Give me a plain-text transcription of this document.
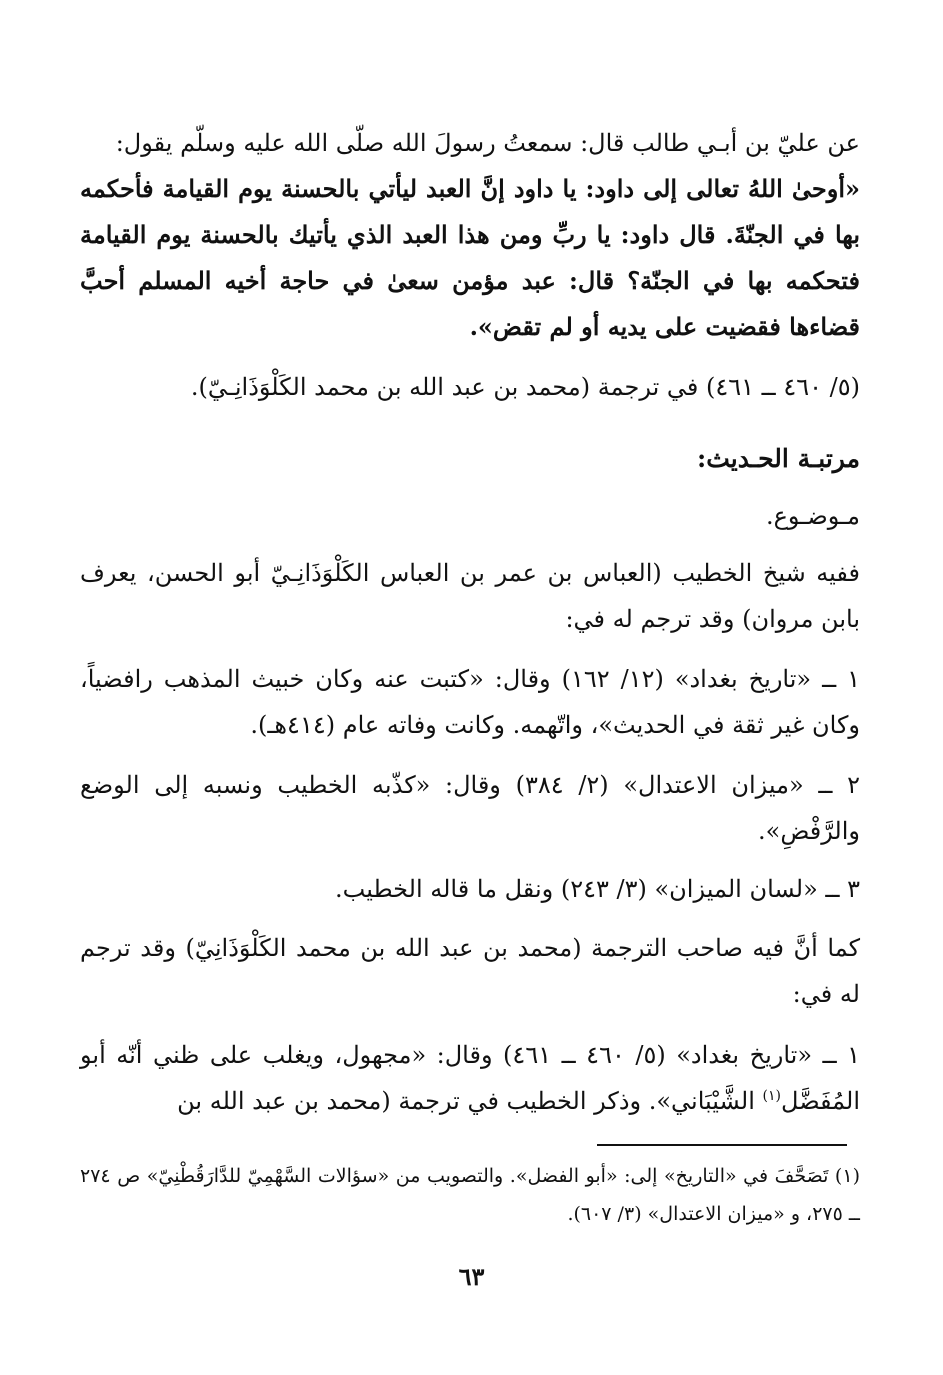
عن عليّ بن أبـي طالب قال: سمعتُ رسولَ الله صلّى الله عليه وسلّم يقول:
«أوحىٰ اللهُ تعالى إلى داود: يا داود إنَّ العبد ليأتي بالحسنة يوم القيامة فأحكمه بها في الجنّةَ. قال داود: يا ربِّ ومن هذا العبد الذي يأتيك بالحسنة يوم القيامة فتحكمه بها في الجنّة؟ قال: عبد مؤمن سعىٰ في حاجة أخيه المسلم أحبَّ قضاءها فقضيت على يديه أو لم تقض».
(٥/ ٤٦٠ ــ ٤٦١) في ترجمة (محمد بن عبد الله بن محمد الكَلْوَذَانِـيّ).
مرتبـة الحـديث:
مـوضـوع.
ففيه شيخ الخطيب (العباس بن عمر بن العباس الكَلْوَذَانِـيّ أبو الحسن، يعرف بابن مروان) وقد ترجم له في:
١ ــ «تاريخ بغداد» (١٢/ ١٦٢) وقال: «كتبت عنه وكان خبيث المذهب رافضياً، وكان غير ثقة في الحديث»، واتّهمه. وكانت وفاته عام (٤١٤هـ).
٢ ــ «ميزان الاعتدال» (٢/ ٣٨٤) وقال: «كذّبه الخطيب ونسبه إلى الوضع والرَّفْضِ».
٣ ــ «لسان الميزان» (٣/ ٢٤٣) ونقل ما قاله الخطيب.
كما أنَّ فيه صاحب الترجمة (محمد بن عبد الله بن محمد الكَلْوَذَانِيّ) وقد ترجم له في:
١ ــ «تاريخ بغداد» (٥/ ٤٦٠ ــ ٤٦١) وقال: «مجهول، ويغلب على ظني أنّه أبو المُفَضَّل$^{(١)}$ الشَّيْبَاني». وذكر الخطيب في ترجمة (محمد بن عبد الله بن
(١) تَصَحَّفَ في «التاريخ» إلى: «أبو الفضل». والتصويب من «سؤالات السَّهْمِيّ للدَّارَقُطْنِيّ» ص ٢٧٤ ــ ٢٧٥، و «ميزان الاعتدال» (٣/ ٦٠٧).
٦٣
